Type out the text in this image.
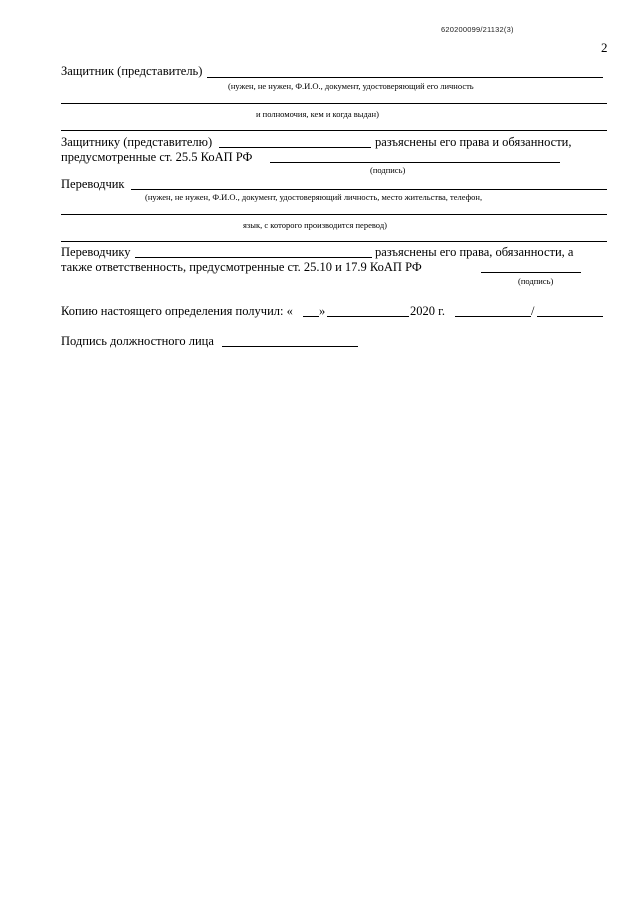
620200099/21132(3)
2
Защитник (представитель)
(нужен, не нужен, Ф.И.О., документ, удостоверяющий его личность
и полномочия, кем и когда выдан)
Защитнику (представителю)	разъяснены его права и обязанности,
предусмотренные ст. 25.5 КоАП РФ
(подпись)
Переводчик
(нужен, не нужен, Ф.И.О., документ, удостоверяющий личность, место жительства, телефон,
язык, с которого производится перевод)
Переводчику	разъяснены его права, обязанности, а
также ответственность, предусмотренные ст. 25.10 и 17.9 КоАП РФ
(подпись)
Копию настоящего определения получил: « »	2020 г.	/
Подпись должностного лица
